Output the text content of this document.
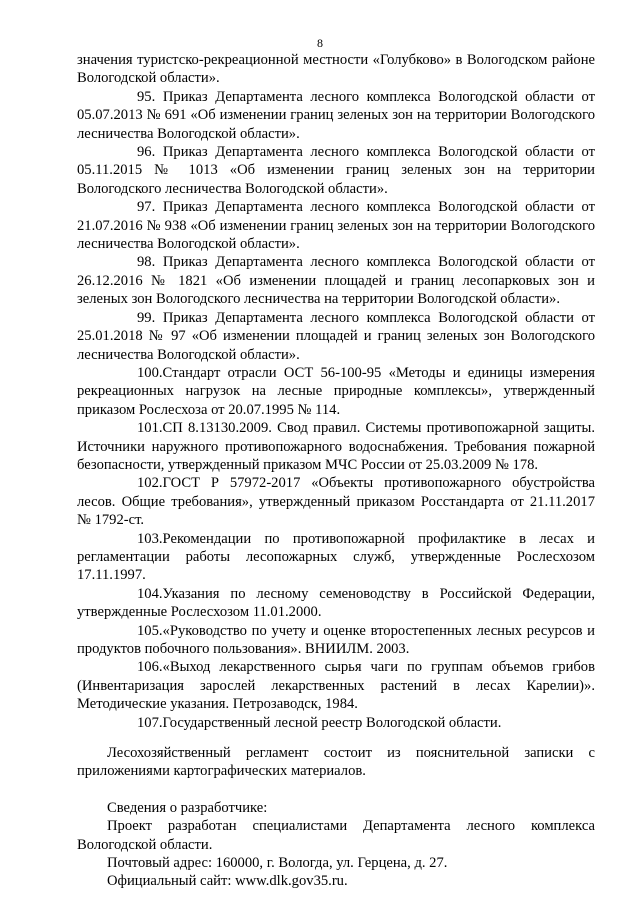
8

значения туристско-рекреационной местности «Голубково» в Вологодском районе Вологодской области».

95. Приказ Департамента лесного комплекса Вологодской области от 05.07.2013 № 691 «Об изменении границ зеленых зон на территории Вологодского лесничества Вологодской области».

96. Приказ Департамента лесного комплекса Вологодской области от 05.11.2015 № 1013 «Об изменении границ зеленых зон на территории Вологодского лесничества Вологодской области».

97. Приказ Департамента лесного комплекса Вологодской области от 21.07.2016 № 938 «Об изменении границ зеленых зон на территории Вологодского лесничества Вологодской области».

98. Приказ Департамента лесного комплекса Вологодской области от 26.12.2016 № 1821 «Об изменении площадей и границ лесопарковых зон и зеленых зон Вологодского лесничества на территории Вологодской области».

99. Приказ Департамента лесного комплекса Вологодской области от 25.01.2018 № 97 «Об изменении площадей и границ зеленых зон Вологодского лесничества Вологодской области».

100.Стандарт отрасли ОСТ 56-100-95 «Методы и единицы измерения рекреационных нагрузок на лесные природные комплексы», утвержденный приказом Рослесхоза от 20.07.1995 № 114.

101.СП 8.13130.2009. Свод правил. Системы противопожарной защиты. Источники наружного противопожарного водоснабжения. Требования пожарной безопасности, утвержденный приказом МЧС России от 25.03.2009 № 178.

102.ГОСТ Р 57972-2017 «Объекты противопожарного обустройства лесов. Общие требования», утвержденный приказом Росстандарта от 21.11.2017 № 1792-ст.

103.Рекомендации по противопожарной профилактике в лесах и регламентации работы лесопожарных служб, утвержденные Рослесхозом 17.11.1997.

104.Указания по лесному семеноводству в Российской Федерации, утвержденные Рослесхозом 11.01.2000.

105.«Руководство по учету и оценке второстепенных лесных ресурсов и продуктов побочного пользования». ВНИИЛМ. 2003.

106.«Выход лекарственного сырья чаги по группам объемов грибов (Инвентаризация зарослей лекарственных растений в лесах Карелии)». Методические указания. Петрозаводск, 1984.

107.Государственный лесной реестр Вологодской области.

Лесохозяйственный регламент состоит из пояснительной записки с приложениями картографических материалов.

Сведения о разработчике:

Проект разработан специалистами Департамента лесного комплекса Вологодской области.

Почтовый адрес: 160000, г. Вологда, ул. Герцена, д. 27.

Официальный сайт: www.dlk.gov35.ru.
